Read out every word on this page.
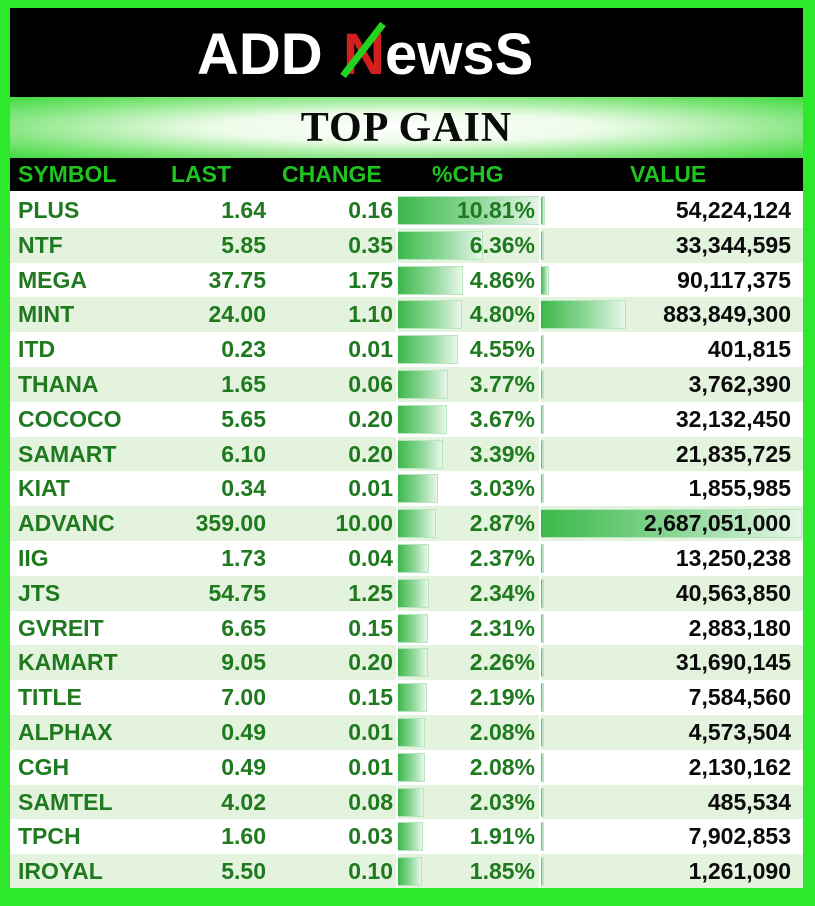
ADD N ewsS
TOP GAIN
SYMBOL LAST CHANGE %CHG	VALUE
PLUS	1.64	0.16	10.81%	54,224,124
NTF	5.85	0.35	6.36%	33,344,595
MEGA	37.75	1.75	4.86%	90,117,375
MINT	24.00	1.10	4.80%	883,849,300
ITD	0.23	0.01	4.55%	401,815
THANA	1.65	0.06	3.77%	3,762,390
COCOCO	5.65	0.20	3.67%	32,132,450
SAMART	6.10	0.20	3.39%	21,835,725
KIAT	0.34	0.01	3.03%	1,855,985
ADVANC	359.00	10.00	2.87%	2,687,051,000
IIG	1.73	0.04	2.37%	13,250,238
JTS	54.75	1.25	2.34%	40,563,850
GVREIT	6.65	0.15	2.31%	2,883,180
KAMART	9.05	0.20	2.26%	31,690,145
TITLE	7.00	0.15	2.19%	7,584,560
ALPHAX	0.49	0.01	2.08%	4,573,504
CGH	0.49	0.01	2.08%	2,130,162
SAMTEL	4.02	0.08	2.03%	485,534
TPCH	1.60	0.03	1.91%	7,902,853
IROYAL	5.50	0.10	1.85%	1,261,090
